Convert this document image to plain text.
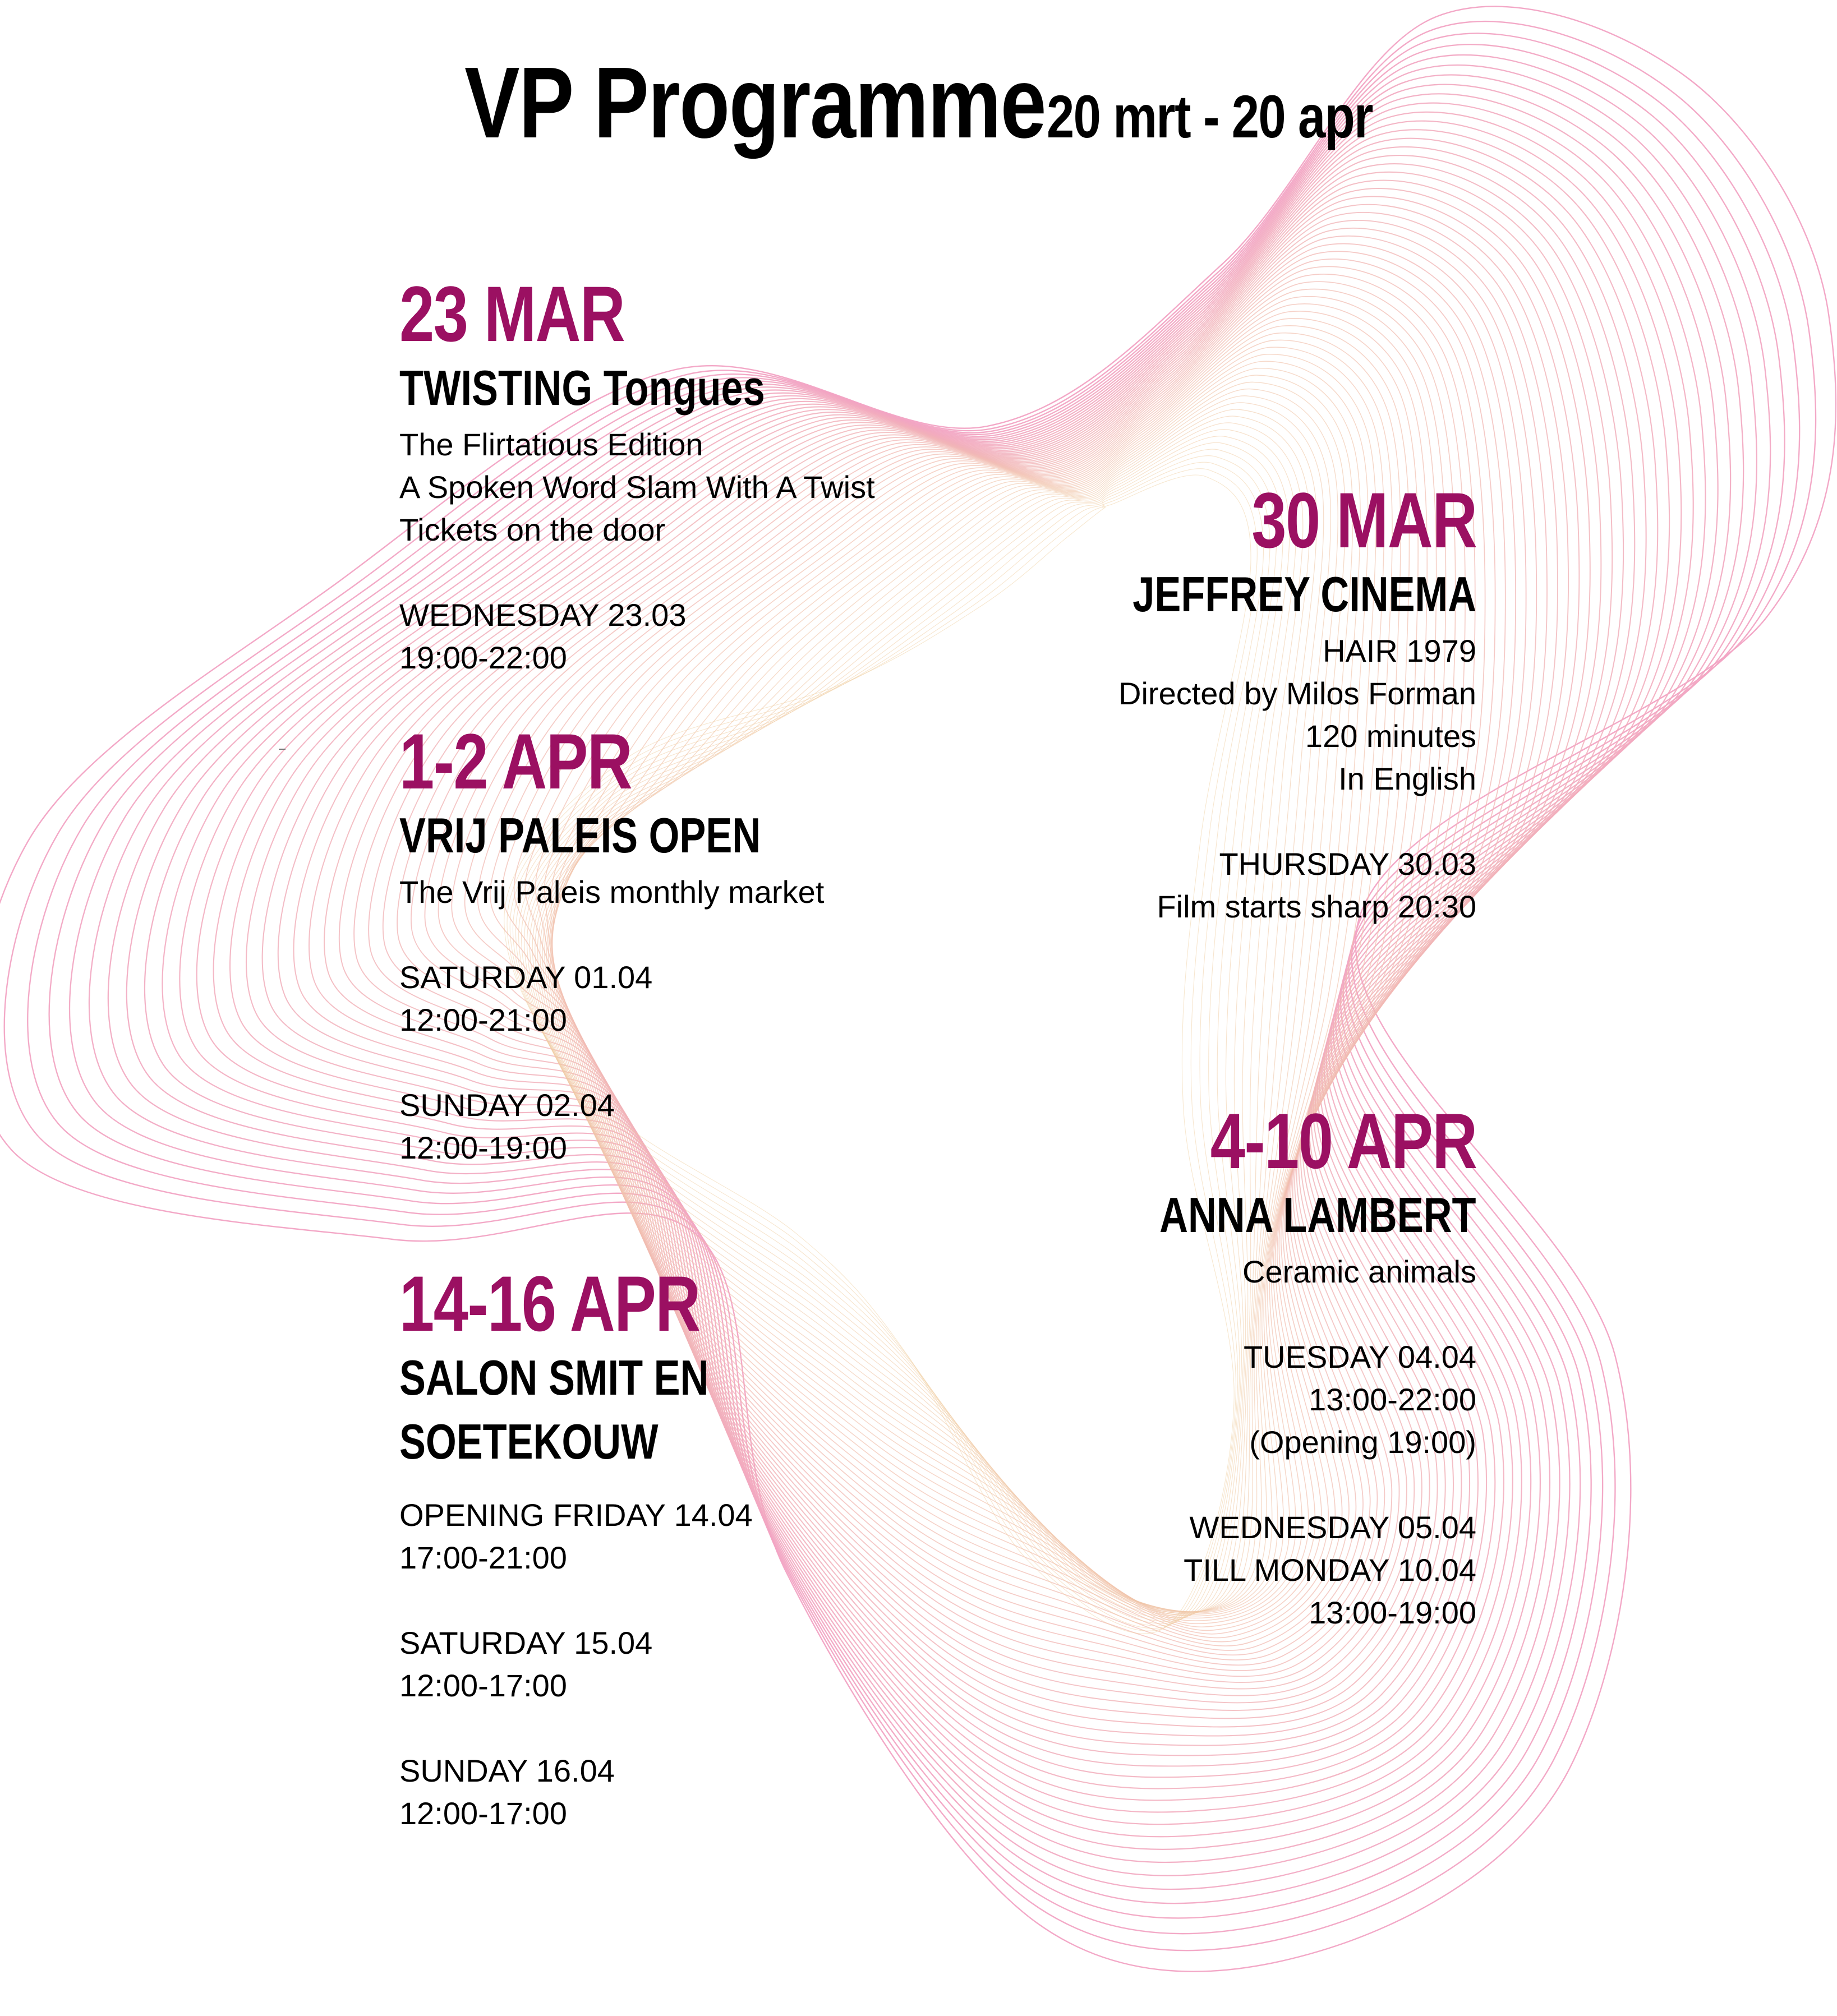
VP Programme 20 mrt - 20 apr
23 MAR
TWISTING Tongues
The Flirtatious Edition
A Spoken Word Slam With A Twist
Tickets on the door
WEDNESDAY 23.03
19:00-22:00
30 MAR
JEFFREY CINEMA
HAIR 1979
Directed by Milos Forman
120 minutes
In English
THURSDAY 30.03
Film starts sharp 20:30
1-2 APR
VRIJ PALEIS OPEN
The Vrij Paleis monthly market
SATURDAY 01.04
12:00-21:00
SUNDAY 02.04
12:00-19:00	4-10 APR
ANNA LAMBERT
Ceramic animals
TUESDAY 04.04
13:00-22:00
(Opening 19:00)
WEDNESDAY 05.04
TILL MONDAY 10.04
13:00-19:00
14-16 APR
SALON SMIT EN
SOETEKOUW
OPENING FRIDAY 14.04
17:00-21:00
SATURDAY 15.04
12:00-17:00
SUNDAY 16.04
12:00-17:00
